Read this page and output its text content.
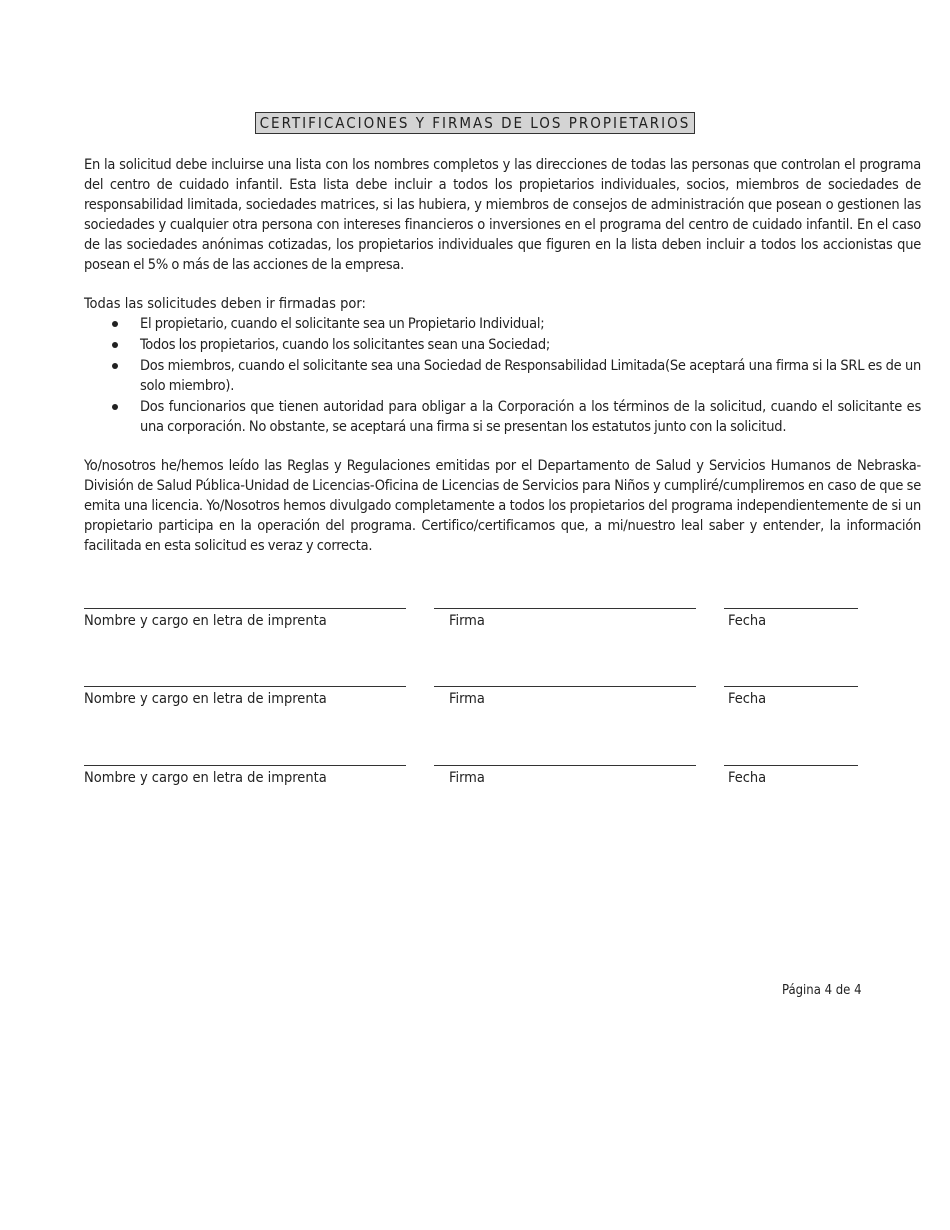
CERTIFICACIONES Y FIRMAS DE LOS PROPIETARIOS

En la solicitud debe incluirse una lista con los nombres completos y las direcciones de todas las personas que controlan el programa del centro de cuidado infantil. Esta lista debe incluir a todos los propietarios individuales, socios, miembros de sociedades de responsabilidad limitada, sociedades matrices, si las hubiera, y miembros de consejos de administración que posean o gestionen las sociedades y cualquier otra persona con intereses financieros o inversiones en el programa del centro de cuidado infantil. En el caso de las sociedades anónimas cotizadas, los propietarios individuales que figuren en la lista deben incluir a todos los accionistas que posean el 5% o más de las acciones de la empresa.

Todas las solicitudes deben ir firmadas por:

El propietario, cuando el solicitante sea un Propietario Individual;
Todos los propietarios, cuando los solicitantes sean una Sociedad;
Dos miembros, cuando el solicitante sea una Sociedad de Responsabilidad Limitada(Se aceptará una firma si la SRL es de un solo miembro).
Dos funcionarios que tienen autoridad para obligar a la Corporación a los términos de la solicitud, cuando el solicitante es una corporación. No obstante, se aceptará una firma si se presentan los estatutos junto con la solicitud.

Yo/nosotros he/hemos leído las Reglas y Regulaciones emitidas por el Departamento de Salud y Servicios Humanos de Nebraska-División de Salud Pública-Unidad de Licencias-Oficina de Licencias de Servicios para Niños y cumpliré/cumpliremos en caso de que se emita una licencia. Yo/Nosotros hemos divulgado completamente a todos los propietarios del programa independientemente de si un propietario participa en la operación del programa. Certifico/certificamos que, a mi/nuestro leal saber y entender, la información facilitada en esta solicitud es veraz y correcta.

Nombre y cargo en letra de imprenta	Firma	Fecha
Nombre y cargo en letra de imprenta	Firma	Fecha
Nombre y cargo en letra de imprenta	Firma	Fecha
Página 4 de 4
